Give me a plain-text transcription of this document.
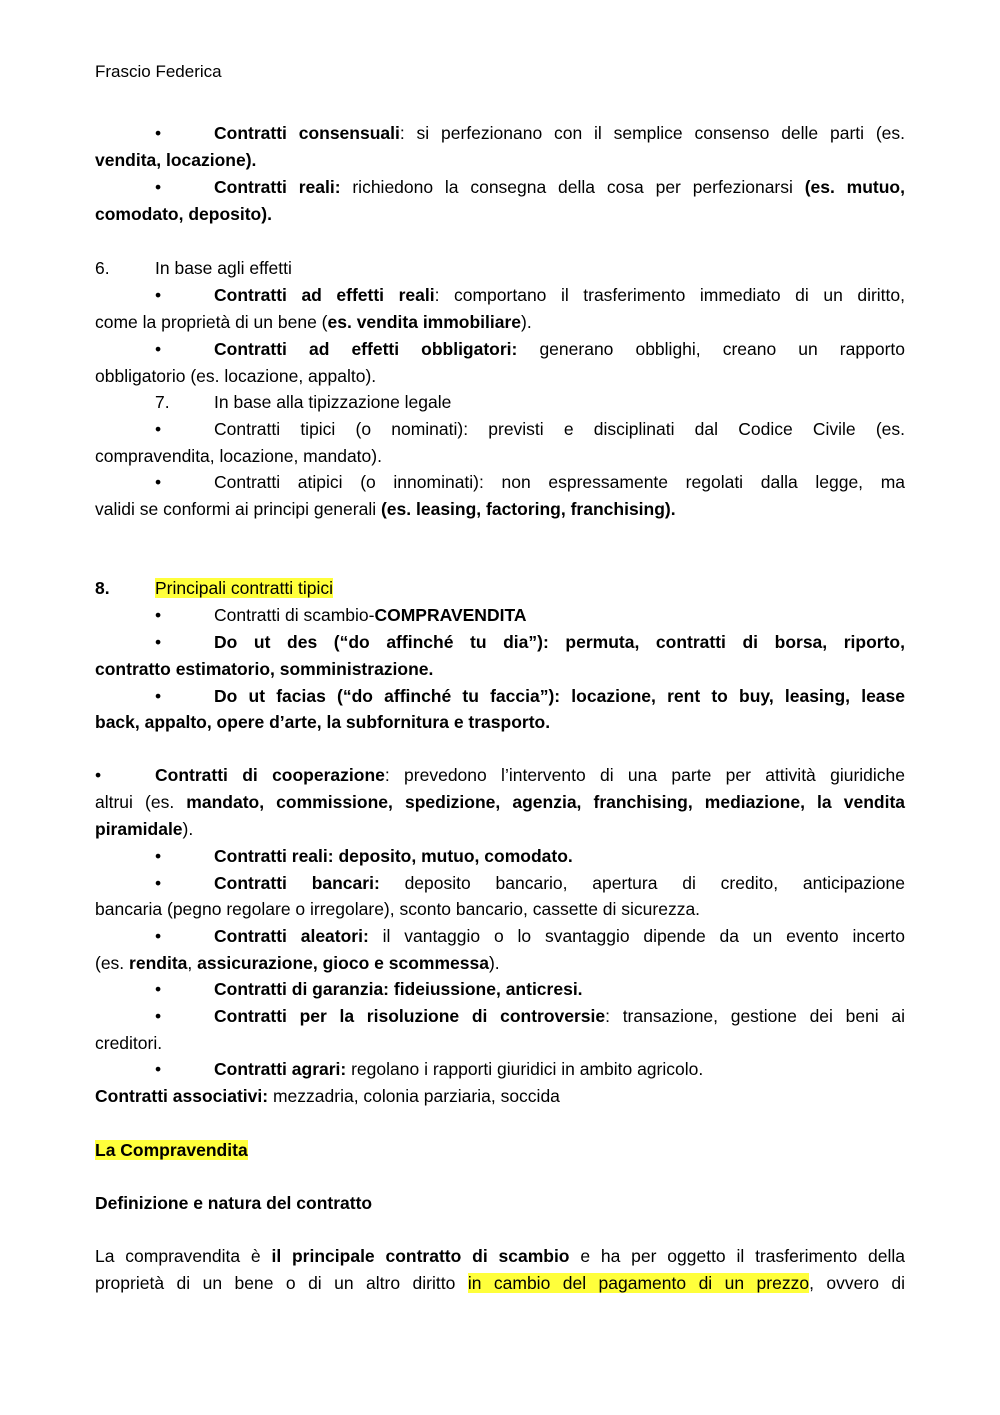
Frascio Federica
•	Contratti consensuali: si perfezionano con il semplice consenso delle parti (es.
vendita, locazione).
•	Contratti reali: richiedono la consegna della cosa per perfezionarsi (es. mutuo,
comodato, deposito).
6.	In base agli effetti
•	Contratti ad effetti reali: comportano il trasferimento immediato di un diritto,
come la proprietà di un bene (es. vendita immobiliare).
•	Contratti ad effetti obbligatori: generano obblighi, creano un rapporto
obbligatorio (es. locazione, appalto).
7.	In base alla tipizzazione legale
•	Contratti tipici (o nominati): previsti e disciplinati dal Codice Civile (es.
compravendita, locazione, mandato).
•	Contratti atipici (o innominati): non espressamente regolati dalla legge, ma
validi se conformi ai principi generali (es. leasing, factoring, franchising).
8.	Principali contratti tipici
•	Contratti di scambio-COMPRAVENDITA
•	Do ut des (“do affinché tu dia”): permuta, contratti di borsa, riporto,
contratto estimatorio, somministrazione.
•	Do ut facias (“do affinché tu faccia”): locazione, rent to buy, leasing, lease
back, appalto, opere d’arte, la subfornitura e trasporto.
•	Contratti di cooperazione: prevedono l’intervento di una parte per attività giuridiche
altrui (es. mandato, commissione, spedizione, agenzia, franchising, mediazione, la vendita
piramidale).
•	Contratti reali: deposito, mutuo, comodato.
•	Contratti bancari: deposito bancario, apertura di credito, anticipazione
bancaria (pegno regolare o irregolare), sconto bancario, cassette di sicurezza.
•	Contratti aleatori: il vantaggio o lo svantaggio dipende da un evento incerto
(es. rendita, assicurazione, gioco e scommessa).
•	Contratti di garanzia: fideiussione, anticresi.
•	Contratti per la risoluzione di controversie: transazione, gestione dei beni ai
creditori.
•	Contratti agrari: regolano i rapporti giuridici in ambito agricolo.
Contratti associativi: mezzadria, colonia parziaria, soccida
La Compravendita
Definizione e natura del contratto
La compravendita è il principale contratto di scambio e ha per oggetto il trasferimento della
proprietà di un bene o di un altro diritto in cambio del pagamento di un prezzo, ovvero di
